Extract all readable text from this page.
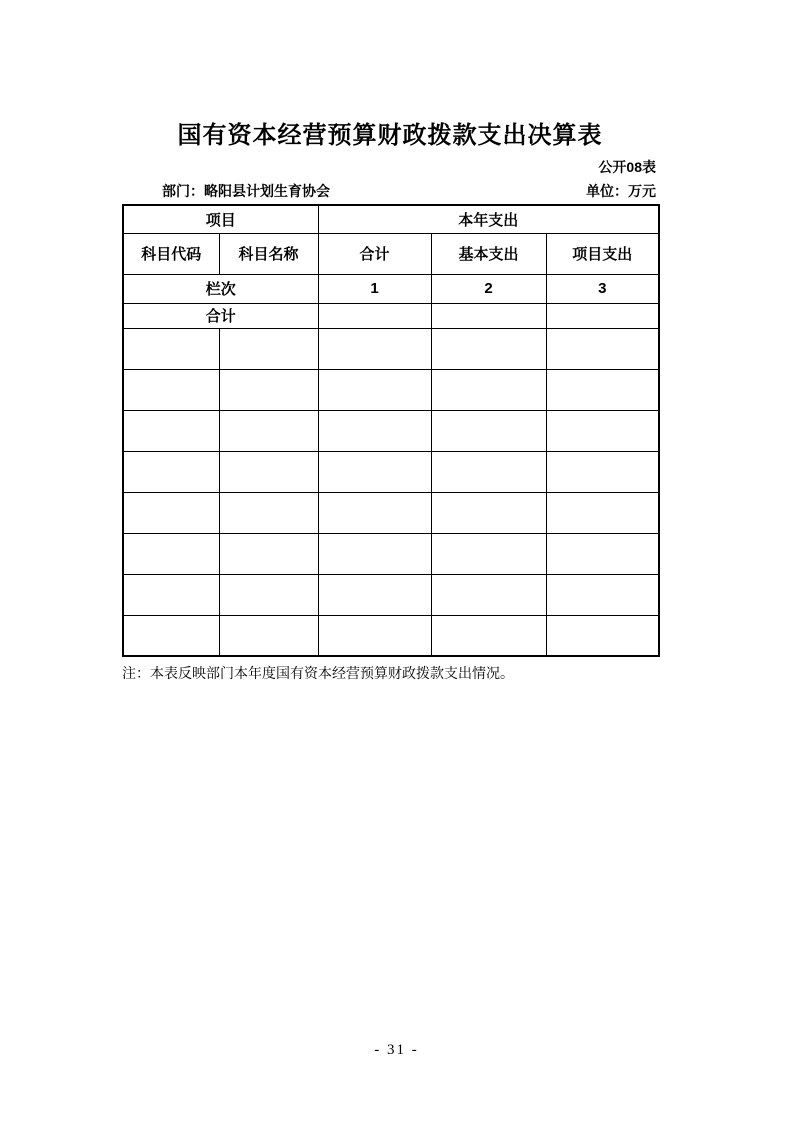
国有资本经营预算财政拨款支出决算表
公开08表
部门：略阳县计划生育协会	单位：万元
项目		本年支出		
科目代码	科目名称	合计	基本支出	项目支出
栏次		1	2	3
合计				

注：本表反映部门本年度国有资本经营预算财政拨款支出情况。
- 31 -
